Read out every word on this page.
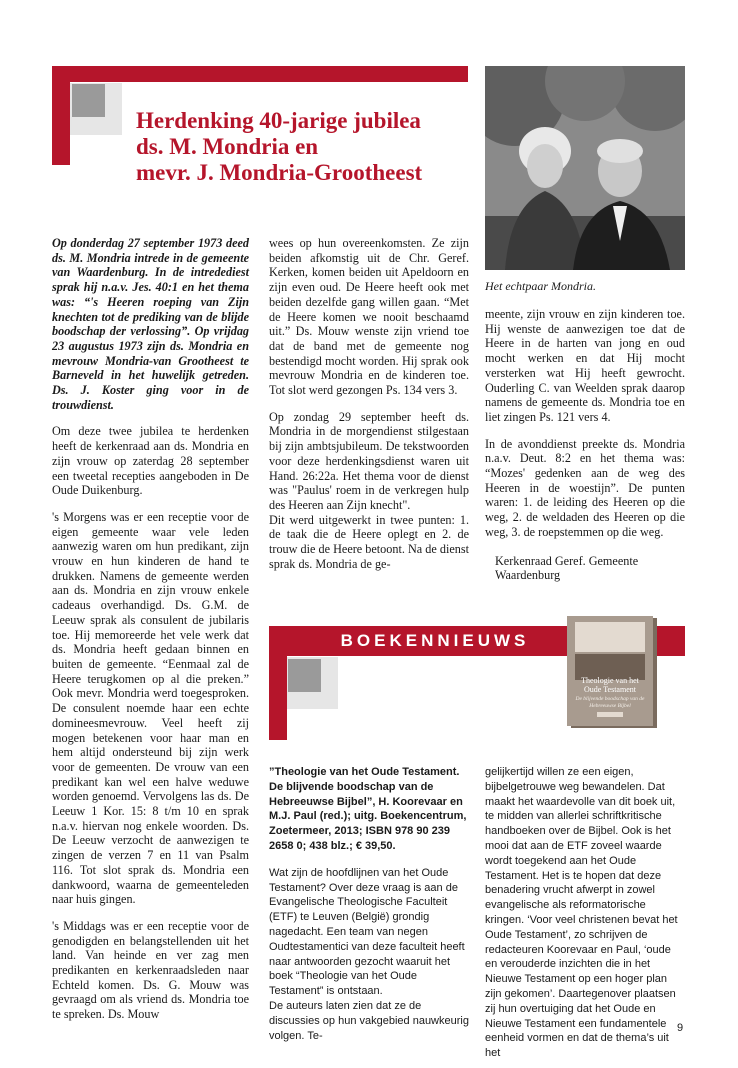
Herdenking 40-jarige jubilea
ds. M. Mondria en
mevr. J. Mondria-Grootheest
Het echtpaar Mondria.

Op donderdag 27 september 1973 deed ds. M. Mondria intrede in de gemeente van Waardenburg. In de intredediest sprak hij n.a.v. Jes. 40:1 en het thema was: “'s Heeren roeping van Zijn knechten tot de prediking van de blijde boodschap der verlossing”. Op vrijdag 23 augustus 1973 zijn ds. Mondria en mevrouw Mondria-van Grootheest te Barneveld in het huwelijk getreden. Ds. J. Koster ging voor in de trouwdienst.

Om deze twee jubilea te herdenken heeft de kerkenraad aan ds. Mondria en zijn vrouw op zaterdag 28 september een tweetal recepties aangeboden in De Oude Duikenburg.

's Morgens was er een receptie voor de eigen gemeente waar vele leden aanwezig waren om hun predikant, zijn vrouw en hun kinderen de hand te drukken. Namens de gemeente werden aan ds. Mondria en zijn vrouw enkele cadeaus overhandigd. Ds. G.M. de Leeuw sprak als consulent de jubilaris toe. Hij memoreerde het vele werk dat ds. Mondria heeft gedaan binnen en buiten de gemeente. “Eenmaal zal de Heere terugkomen op al die preken.” Ook mevr. Mondria werd toegesproken. De consulent noemde haar een echte domineesmevrouw. Veel heeft zij mogen betekenen voor haar man en hem altijd ondersteund bij zijn werk voor de gemeenten. De vrouw van een predikant kan wel een halve weduwe worden genoemd. Vervolgens las ds. De Leeuw 1 Kor. 15: 8 t/m 10 en sprak n.a.v. hiervan nog enkele woorden. Ds. De Leeuw verzocht de aanwezigen te zingen de verzen 7 en 11 van Psalm 116. Tot slot sprak ds. Mondria een dankwoord, waarna de gemeenteleden naar huis gingen.

's Middags was er een receptie voor de genodigden en belangstellenden uit het land. Van heinde en ver zag men predikanten en kerkenraadsleden naar Echteld komen. Ds. G. Mouw was gevraagd om als vriend ds. Mondria toe te spreken. Ds. Mouw

wees op hun overeenkomsten. Ze zijn beiden afkomstig uit de Chr. Geref. Kerken, komen beiden uit Apeldoorn en zijn even oud. De Heere heeft ook met beiden dezelfde gang willen gaan. “Met de Heere komen we nooit beschaamd uit.” Ds. Mouw wenste zijn vriend toe dat de band met de gemeente nog bestendigd mocht worden. Hij sprak ook mevrouw Mondria en de kinderen toe. Tot slot werd gezongen Ps. 134 vers 3.

Op zondag 29 september heeft ds. Mondria in de morgendienst stilgestaan bij zijn ambtsjubileum. De tekstwoorden voor deze herdenkingsdienst waren uit Hand. 26:22a. Het thema voor de dienst was "Paulus' roem in de verkregen hulp des Heeren aan Zijn knecht".

Dit werd uitgewerkt in twee punten: 1. de taak die de Heere oplegt en 2. de trouw die de Heere betoont. Na de dienst sprak ds. Mondria de ge-

meente, zijn vrouw en zijn kinderen toe. Hij wenste de aanwezigen toe dat de Heere in de harten van jong en oud mocht werken en dat Hij mocht versterken wat Hij heeft gewrocht. Ouderling C. van Weelden sprak daarop namens de gemeente ds. Mondria toe en liet zingen Ps. 121 vers 4.

In de avonddienst preekte ds. Mondria n.a.v. Deut. 8:2 en het thema was: “Mozes' gedenken aan de weg des Heeren in de woestijn”. De punten waren: 1. de leiding des Heeren op die weg, 2. de weldaden des Heeren op die weg, 3. de roepstemmen op die weg.

Kerkenraad Geref. Gemeente
Waardenburg
BOEKENNIEUWS
Theologie van het Oude Testament
De blijvende boodschap van de Hebreeuwse Bijbel

”Theologie van het Oude Testament. De blijvende boodschap van de Hebreeuwse Bijbel”, H. Koorevaar en M.J. Paul (red.); uitg. Boekencentrum, Zoetermeer, 2013; ISBN 978 90 239 2658 0; 438 blz.; € 39,50.

Wat zijn de hoofdlijnen van het Oude Testament? Over deze vraag is aan de Evangelische Theologische Faculteit (ETF) te Leuven (België) grondig nagedacht. Een team van negen Oudtestamentici van deze faculteit heeft naar antwoorden gezocht waaruit het boek “Theologie van het Oude Testament” is ontstaan.

De auteurs laten zien dat ze de discussies op hun vakgebied nauwkeurig volgen. Te-

gelijkertijd willen ze een eigen, bijbelgetrouwe weg bewandelen. Dat maakt het waardevolle van dit boek uit, te midden van allerlei schriftkritische handboeken over de Bijbel. Ook is het mooi dat aan de ETF zoveel waarde wordt toegekend aan het Oude Testament. Het is te hopen dat deze benadering vrucht afwerpt in zowel evangelische als reformatorische kringen. ‘Voor veel christenen bevat het Oude Testament’, zo schrijven de redacteuren Koorevaar en Paul, ‘oude en verouderde inzichten die in het Nieuwe Testament op een hoger plan zijn gekomen’. Daartegenover plaatsen zij hun overtuiging dat het Oude en Nieuwe Testament een fundamentele eenheid vormen en dat de thema’s uit het

9
